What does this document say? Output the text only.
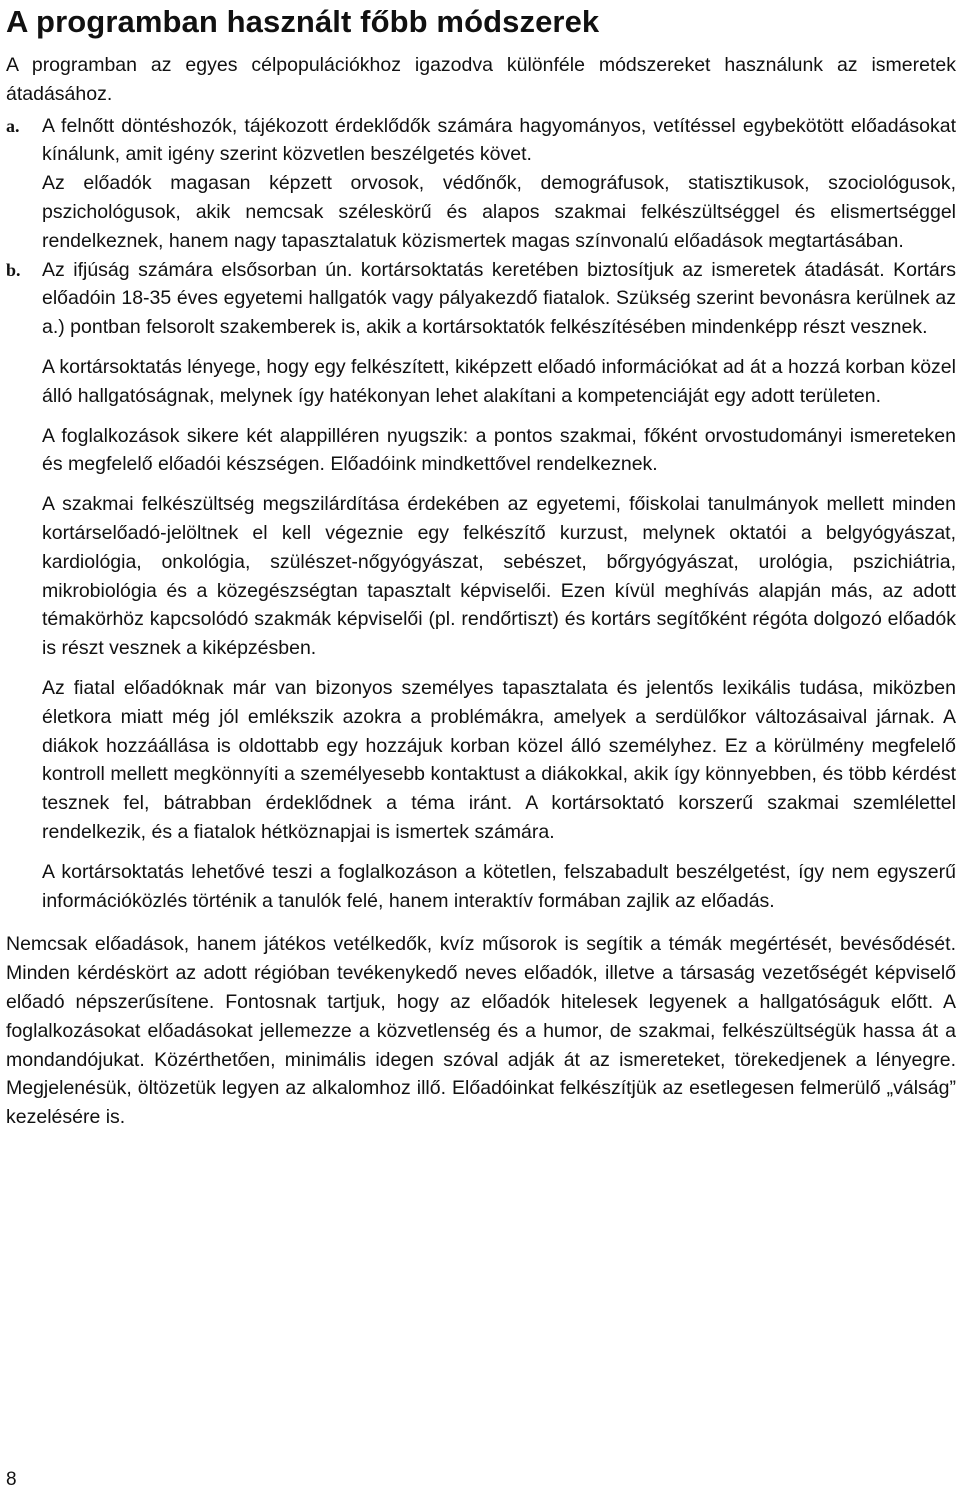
A programban használt főbb módszerek

A programban az egyes célpopulációkhoz igazodva különféle módszereket használunk az ismeretek átadásához.

a. A felnőtt döntéshozók, tájékozott érdeklődők számára hagyományos, vetítéssel egybekötött előadásokat kínálunk, amit igény szerint közvetlen beszélgetés követ.

Az előadók magasan képzett orvosok, védőnők, demográfusok, statisztikusok, szociológusok, pszichológusok, akik nemcsak széleskörű és alapos szakmai felkészültséggel és elismertséggel rendelkeznek, hanem nagy tapasztalatuk közismertek magas színvonalú előadások megtartásában.

b. Az ifjúság számára elsősorban ún. kortársoktatás keretében biztosítjuk az ismeretek átadását. Kortárs előadóin 18-35 éves egyetemi hallgatók vagy pályakezdő fiatalok. Szükség szerint bevonásra kerülnek az a.) pontban felsorolt szakemberek is, akik a kortársoktatók felkészítésében mindenképp részt vesznek.

A kortársoktatás lényege, hogy egy felkészített, kiképzett előadó információkat ad át a hozzá korban közel álló hallgatóságnak, melynek így hatékonyan lehet alakítani a kompetenciáját egy adott területen.

A foglalkozások sikere két alappilléren nyugszik: a pontos szakmai, főként orvostudományi ismereteken és megfelelő előadói készségen. Előadóink mindkettővel rendelkeznek.

A szakmai felkészültség megszilárdítása érdekében az egyetemi, főiskolai tanulmányok mellett minden kortárselőadó-jelöltnek el kell végeznie egy felkészítő kurzust, melynek oktatói a belgyógyászat, kardiológia, onkológia, szülészet-nőgyógyászat, sebészet, bőrgyógyászat, urológia, pszichiátria, mikrobiológia és a közegészségtan tapasztalt képviselői. Ezen kívül meghívás alapján más, az adott témakörhöz kapcsolódó szakmák képviselői (pl. rendőrtiszt) és kortárs segítőként régóta dolgozó előadók is részt vesznek a kiképzésben.

Az fiatal előadóknak már van bizonyos személyes tapasztalata és jelentős lexikális tudása, miközben életkora miatt még jól emlékszik azokra a problémákra, amelyek a serdülőkor változásaival járnak. A diákok hozzáállása is oldottabb egy hozzájuk korban közel álló személyhez. Ez a körülmény megfelelő kontroll mellett megkönnyíti a személyesebb kontaktust a diákokkal, akik így könnyebben, és több kérdést tesznek fel, bátrabban érdeklődnek a téma iránt. A kortársoktató korszerű szakmai szemlélettel rendelkezik, és a fiatalok hétköznapjai is ismertek számára.

A kortársoktatás lehetővé teszi a foglalkozáson a kötetlen, felszabadult beszélgetést, így nem egyszerű információközlés történik a tanulók felé, hanem interaktív formában zajlik az előadás.

Nemcsak előadások, hanem játékos vetélkedők, kvíz műsorok is segítik a témák megértését, bevésődését. Minden kérdéskört az adott régióban tevékenykedő neves előadók, illetve a társaság vezetőségét képviselő előadó népszerűsítene. Fontosnak tartjuk, hogy az előadók hitelesek legyenek a hallgatóságuk előtt. A foglalkozásokat előadásokat jellemezze a közvetlenség és a humor, de szakmai, felkészültségük hassa át a mondandójukat. Közérthetően, minimális idegen szóval adják át az ismereteket, törekedjenek a lényegre. Megjelenésük, öltözetük legyen az alkalomhoz illő. Előadóinkat felkészítjük az esetlegesen felmerülő „válság” kezelésére is.

8
